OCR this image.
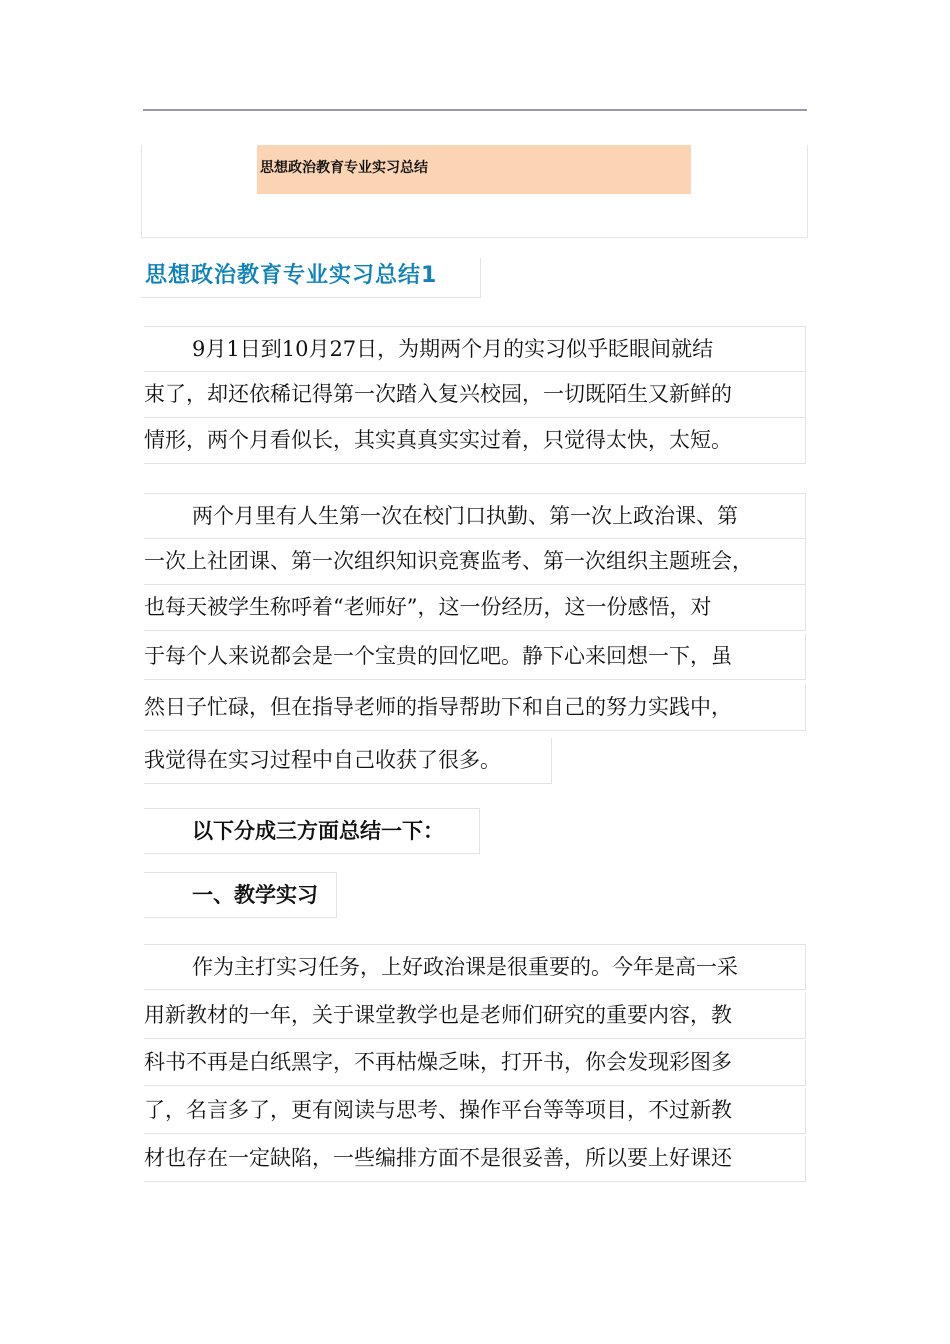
思想政治教育专业实习总结
思想政治教育专业实习总结1
9月1日到10月27日，为期两个月的实习似乎眨眼间就结
束了，却还依稀记得第一次踏入复兴校园，一切既陌生又新鲜的
情形，两个月看似长，其实真真实实过着，只觉得太快，太短。
两个月里有人生第一次在校门口执勤、第一次上政治课、第
一次上社团课、第一次组织知识竞赛监考、第一次组织主题班会，
也每天被学生称呼着“老师好”，这一份经历，这一份感悟，对
于每个人来说都会是一个宝贵的回忆吧。静下心来回想一下，虽
然日子忙碌，但在指导老师的指导帮助下和自己的努力实践中，
我觉得在实习过程中自己收获了很多。
以下分成三方面总结一下：
一、教学实习
作为主打实习任务，上好政治课是很重要的。今年是高一采
用新教材的一年，关于课堂教学也是老师们研究的重要内容，教
科书不再是白纸黑字，不再枯燥乏味，打开书，你会发现彩图多
了，名言多了，更有阅读与思考、操作平台等等项目，不过新教
材也存在一定缺陷，一些编排方面不是很妥善，所以要上好课还
